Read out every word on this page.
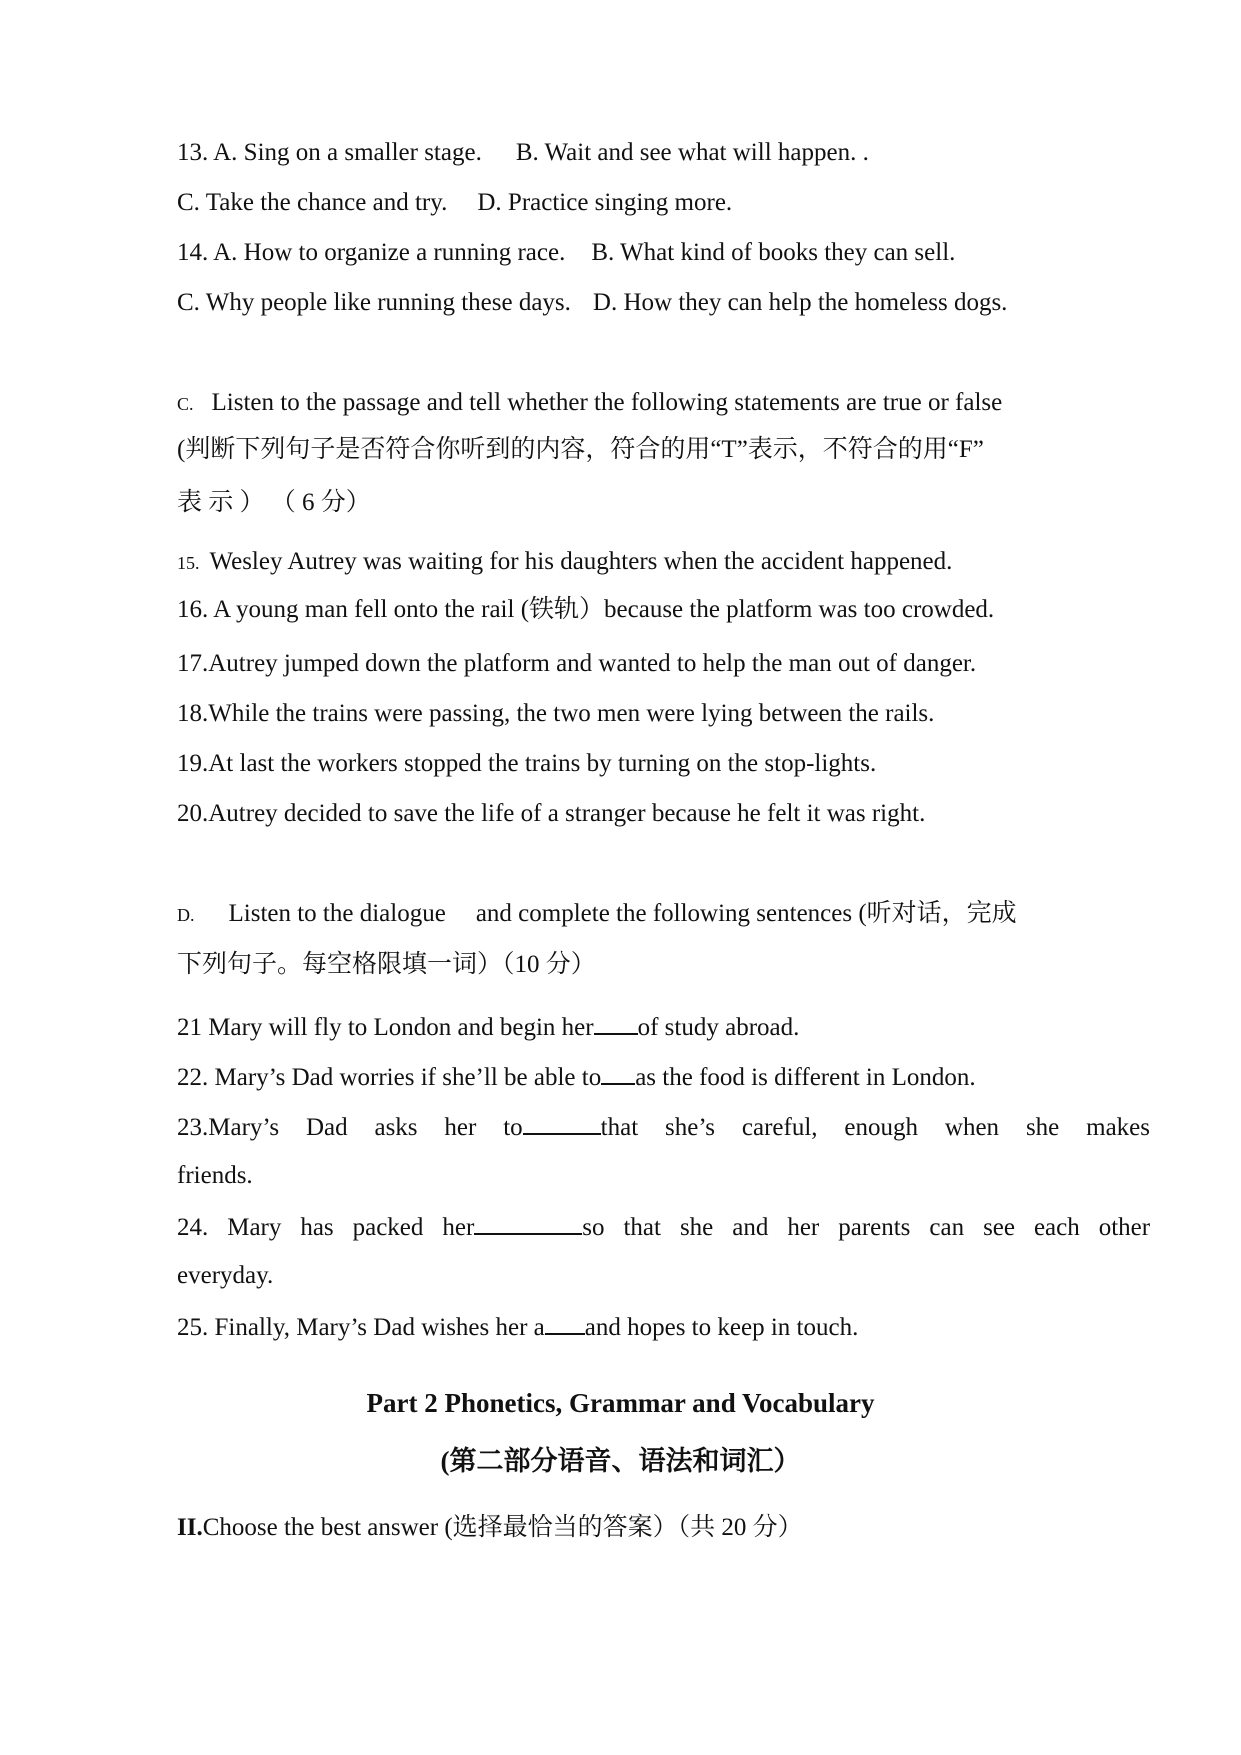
13. A. Sing on a smaller stage. B. Wait and see what will happen. .
C. Take the chance and try. D. Practice singing more.
14. A. How to organize a running race. B. What kind of books they can sell.
C. Why people like running these days. D. How they can help the homeless dogs.
C. Listen to the passage and tell whether the following statements are true or false
(判断下列句子是否符合你听到的内容，符合的用“T”表示，不符合的用“F”
表 示 ） （ 6 分）
15. Wesley Autrey was waiting for his daughters when the accident happened.
16. A young man fell onto the rail (铁轨）because the platform was too crowded.
17.Autrey jumped down the platform and wanted to help the man out of danger.
18.While the trains were passing, the two men were lying between the rails.
19.At last the workers stopped the trains by turning on the stop-lights.
20.Autrey decided to save the life of a stranger because he felt it was right.
D. Listen to the dialogue and complete the following sentences (听对话，完成
下列句子。每空格限填一词）（10 分）
21 Mary will fly to London and begin her of study abroad.
22. Mary’s Dad worries if she’ll be able to as the food is different in London.
23.Mary’s Dad asks her to	that she’s careful, enough when she makes
friends.
24. Mary has packed her	so that she and her parents can see each other
everyday.
25. Finally, Mary’s Dad wishes her a and hopes to keep in touch.
Part 2 Phonetics, Grammar and Vocabulary
(第二部分语音、语法和词汇）
II.Choose the best answer (选择最恰当的答案）（共 20 分）
